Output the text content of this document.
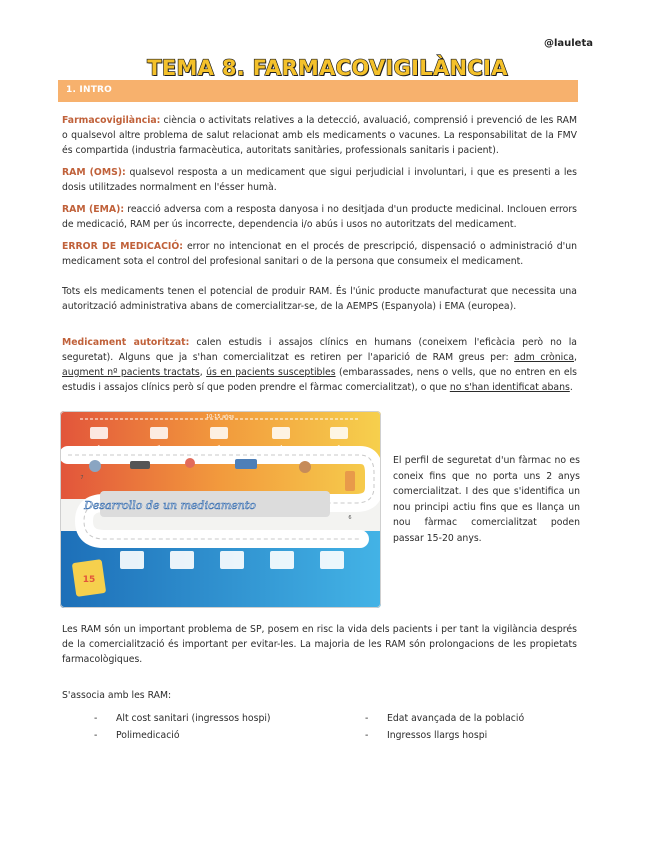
@lauleta
TEMA 8. FARMACOVIGILÀNCIA
1. INTRO

Farmacovigilància: ciència o activitats relatives a la detecció, avaluació, comprensió i prevenció de les RAM o qualsevol altre problema de salut relacionat amb els medicaments o vacunes. La responsabilitat de la FMV és compartida (industria farmacèutica, autoritats sanitàries, professionals sanitaris i pacient).

RAM (OMS): qualsevol resposta a un medicament que sigui perjudicial i involuntari, i que es presenti a les dosis utilitzades normalment en l'ésser humà.

RAM (EMA): reacció adversa com a resposta danyosa i no desitjada d'un producte medicinal. Inclouen errors de medicació, RAM per ús incorrecte, dependencia i/o abús i usos no autoritzats del medicament.

ERROR DE MEDICACIÓ: error no intencionat en el procés de prescripció, dispensació o administració d'un medicament sota el control del profesional sanitari o de la persona que consumeix el medicament.

Tots els medicaments tenen el potencial de produir RAM. És l'únic producte manufacturat que necessita una autorització administrativa abans de comercialitzar-se, de la AEMPS (Espanyola) i EMA (europea).

Medicament autoritzat: calen estudis i assajos clínics en humans (coneixem l'eficàcia però no la seguretat). Alguns que ja s'han comercialitzat es retiren per l'aparició de RAM greus per: adm crònica, augment nº pacients tractats, ús en pacients susceptibles (embarassades, nens o vells, que no entren en els estudis i assajos clínics però sí que poden prendre el fàrmac comercialitzat), o que no s'han identificat abans.

10-15 años
Desarrollo de un medicamento
1	2	3	4	5
8	9	10	11	12
15
6
7

El perfil de seguretat d'un fàrmac no es coneix fins que no porta uns 2 anys comercialitzat. I des que s'identifica un nou principi actiu fins que es llança un nou fàrmac comercialitzat poden passar 15-20 anys.

Les RAM són un important problema de SP, posem en risc la vida dels pacients i per tant la vigilància després de la comercialització és important per evitar-les. La majoria de les RAM són prolongacions de les propietats farmacològiques.

S'associa amb les RAM:

-	Alt cost sanitari (ingressos hospi)
-	Polimedicació
-	Edat avançada de la població
-	Ingressos llargs hospi
